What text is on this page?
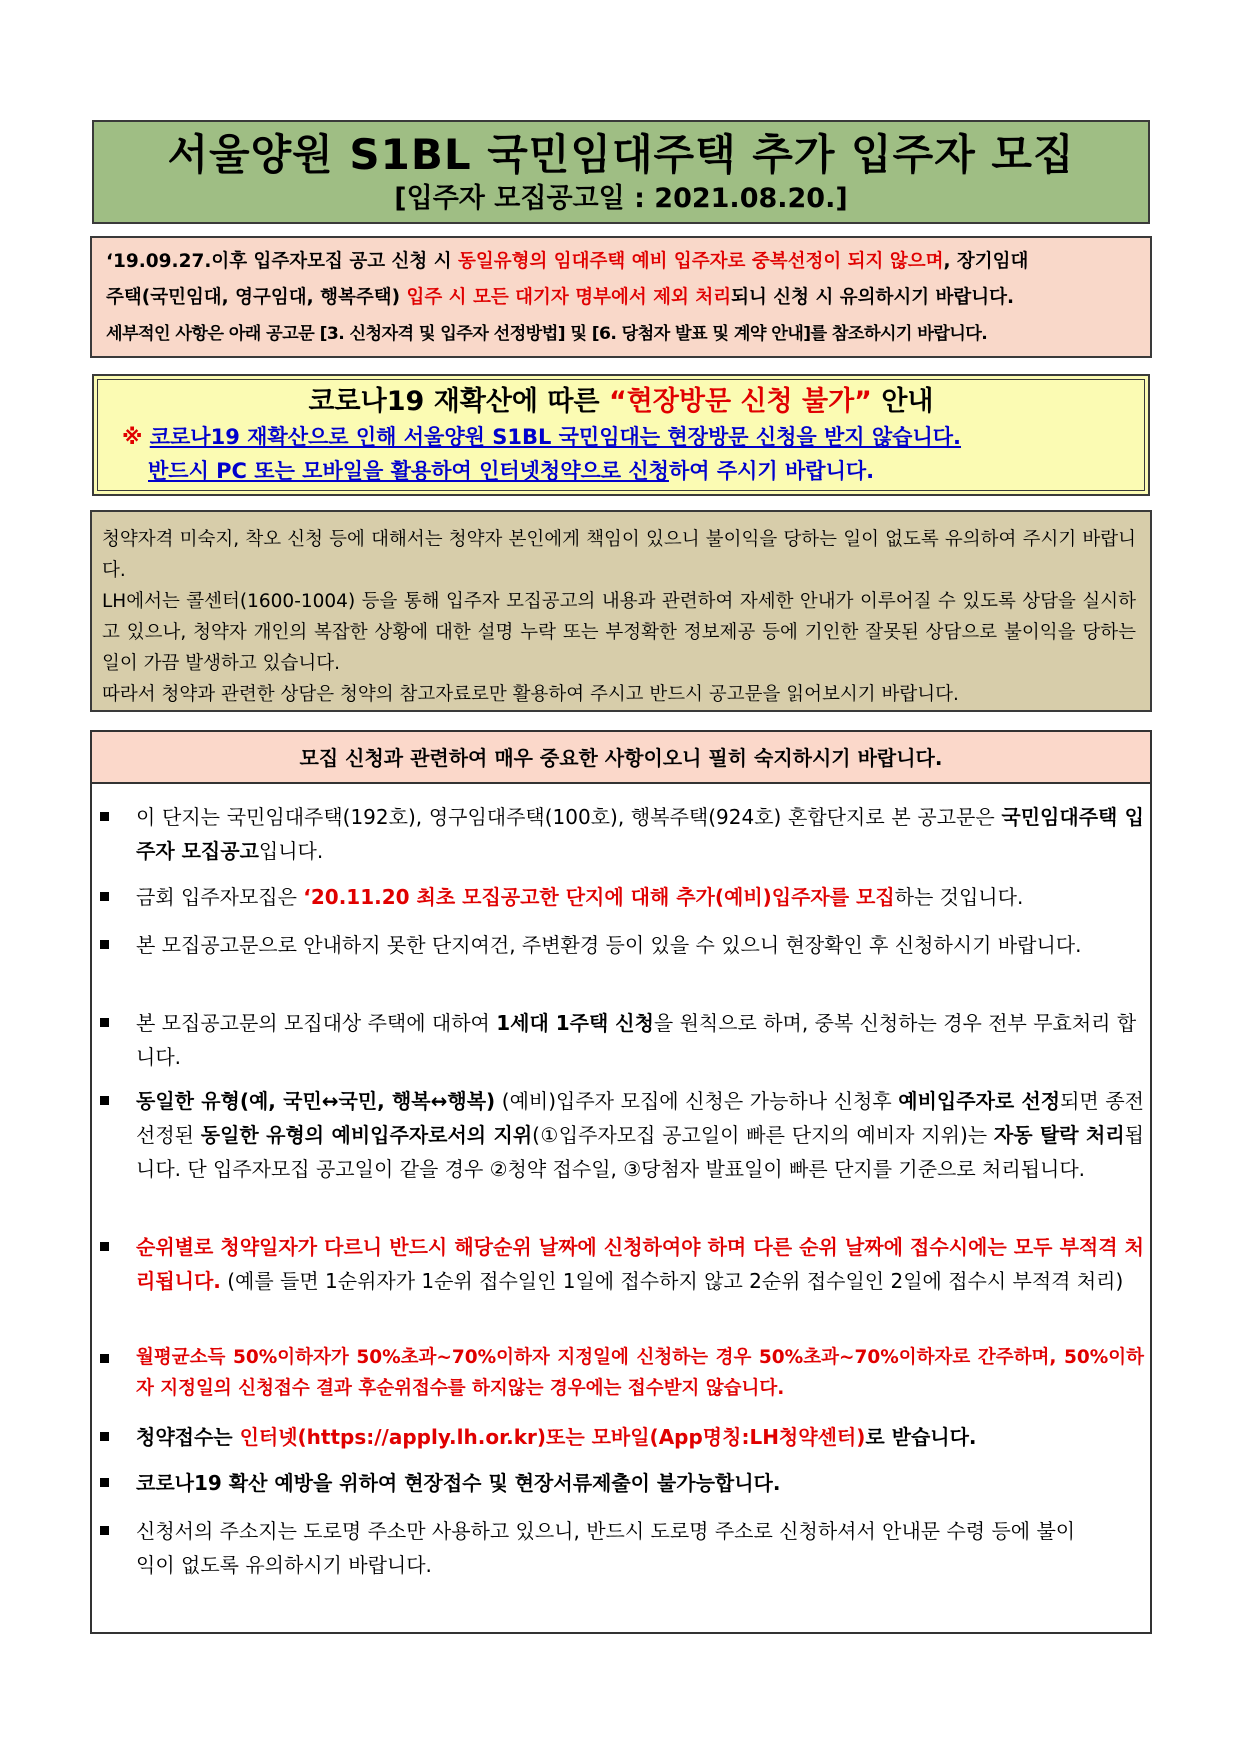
서울양원 S1BL 국민임대주택 추가 입주자 모집
[입주자 모집공고일 : 2021.08.20.]
‘19.09.27.이후 입주자모집 공고 신청 시 동일유형의 임대주택 예비 입주자로 중복선정이 되지 않으며, 장기임대
주택(국민임대, 영구임대, 행복주택) 입주 시 모든 대기자 명부에서 제외 처리되니 신청 시 유의하시기 바랍니다.
세부적인 사항은 아래 공고문 [3. 신청자격 및 입주자 선정방법] 및 [6. 당첨자 발표 및 계약 안내]를 참조하시기 바랍니다.
코로나19 재확산에 따른 “현장방문 신청 불가” 안내
※ 코로나19 재확산으로 인해 서울양원 S1BL 국민임대는 현장방문 신청을 받지 않습니다.
반드시 PC 또는 모바일을 활용하여 인터넷청약으로 신청하여 주시기 바랍니다.
청약자격 미숙지, 착오 신청 등에 대해서는 청약자 본인에게 책임이 있으니 불이익을 당하는 일이 없도록 유의하여 주시기 바랍니다.
LH에서는 콜센터(1600-1004) 등을 통해 입주자 모집공고의 내용과 관련하여 자세한 안내가 이루어질 수 있도록 상담을 실시하고 있으나, 청약자 개인의 복잡한 상황에 대한 설명 누락 또는 부정확한 정보제공 등에 기인한 잘못된 상담으로 불이익을 당하는 일이 가끔 발생하고 있습니다.
따라서 청약과 관련한 상담은 청약의 참고자료로만 활용하여 주시고 반드시 공고문을 읽어보시기 바랍니다.
모집 신청과 관련하여 매우 중요한 사항이오니 필히 숙지하시기 바랍니다.
이 단지는 국민임대주택(192호), 영구임대주택(100호), 행복주택(924호) 혼합단지로 본 공고문은 국민임대주택 입주자 모집공고입니다.
금회 입주자모집은 ‘20.11.20 최초 모집공고한 단지에 대해 추가(예비)입주자를 모집하는 것입니다.
본 모집공고문으로 안내하지 못한 단지여건, 주변환경 등이 있을 수 있으니 현장확인 후 신청하시기 바랍니다.
본 모집공고문의 모집대상 주택에 대하여 1세대 1주택 신청을 원칙으로 하며, 중복 신청하는 경우 전부 무효처리 합니다.
동일한 유형(예, 국민↔국민, 행복↔행복) (예비)입주자 모집에 신청은 가능하나 신청후 예비입주자로 선정되면 종전 선정된 동일한 유형의 예비입주자로서의 지위(①입주자모집 공고일이 빠른 단지의 예비자 지위)는 자동 탈락 처리됩니다. 단 입주자모집 공고일이 같을 경우 ②청약 접수일, ③당첨자 발표일이 빠른 단지를 기준으로 처리됩니다.
순위별로 청약일자가 다르니 반드시 해당순위 날짜에 신청하여야 하며 다른 순위 날짜에 접수시에는 모두 부적격 처리됩니다. (예를 들면 1순위자가 1순위 접수일인 1일에 접수하지 않고 2순위 접수일인 2일에 접수시 부적격 처리)
월평균소득 50%이하자가 50%초과~70%이하자 지정일에 신청하는 경우 50%초과~70%이하자로 간주하며, 50%이하자 지정일의 신청접수 결과 후순위접수를 하지않는 경우에는 접수받지 않습니다.
청약접수는 인터넷(https://apply.lh.or.kr)또는 모바일(App명칭:LH청약센터)로 받습니다.
코로나19 확산 예방을 위하여 현장접수 및 현장서류제출이 불가능합니다.
신청서의 주소지는 도로명 주소만 사용하고 있으니, 반드시 도로명 주소로 신청하셔서 안내문 수령 등에 불이익이 없도록 유의하시기 바랍니다.
